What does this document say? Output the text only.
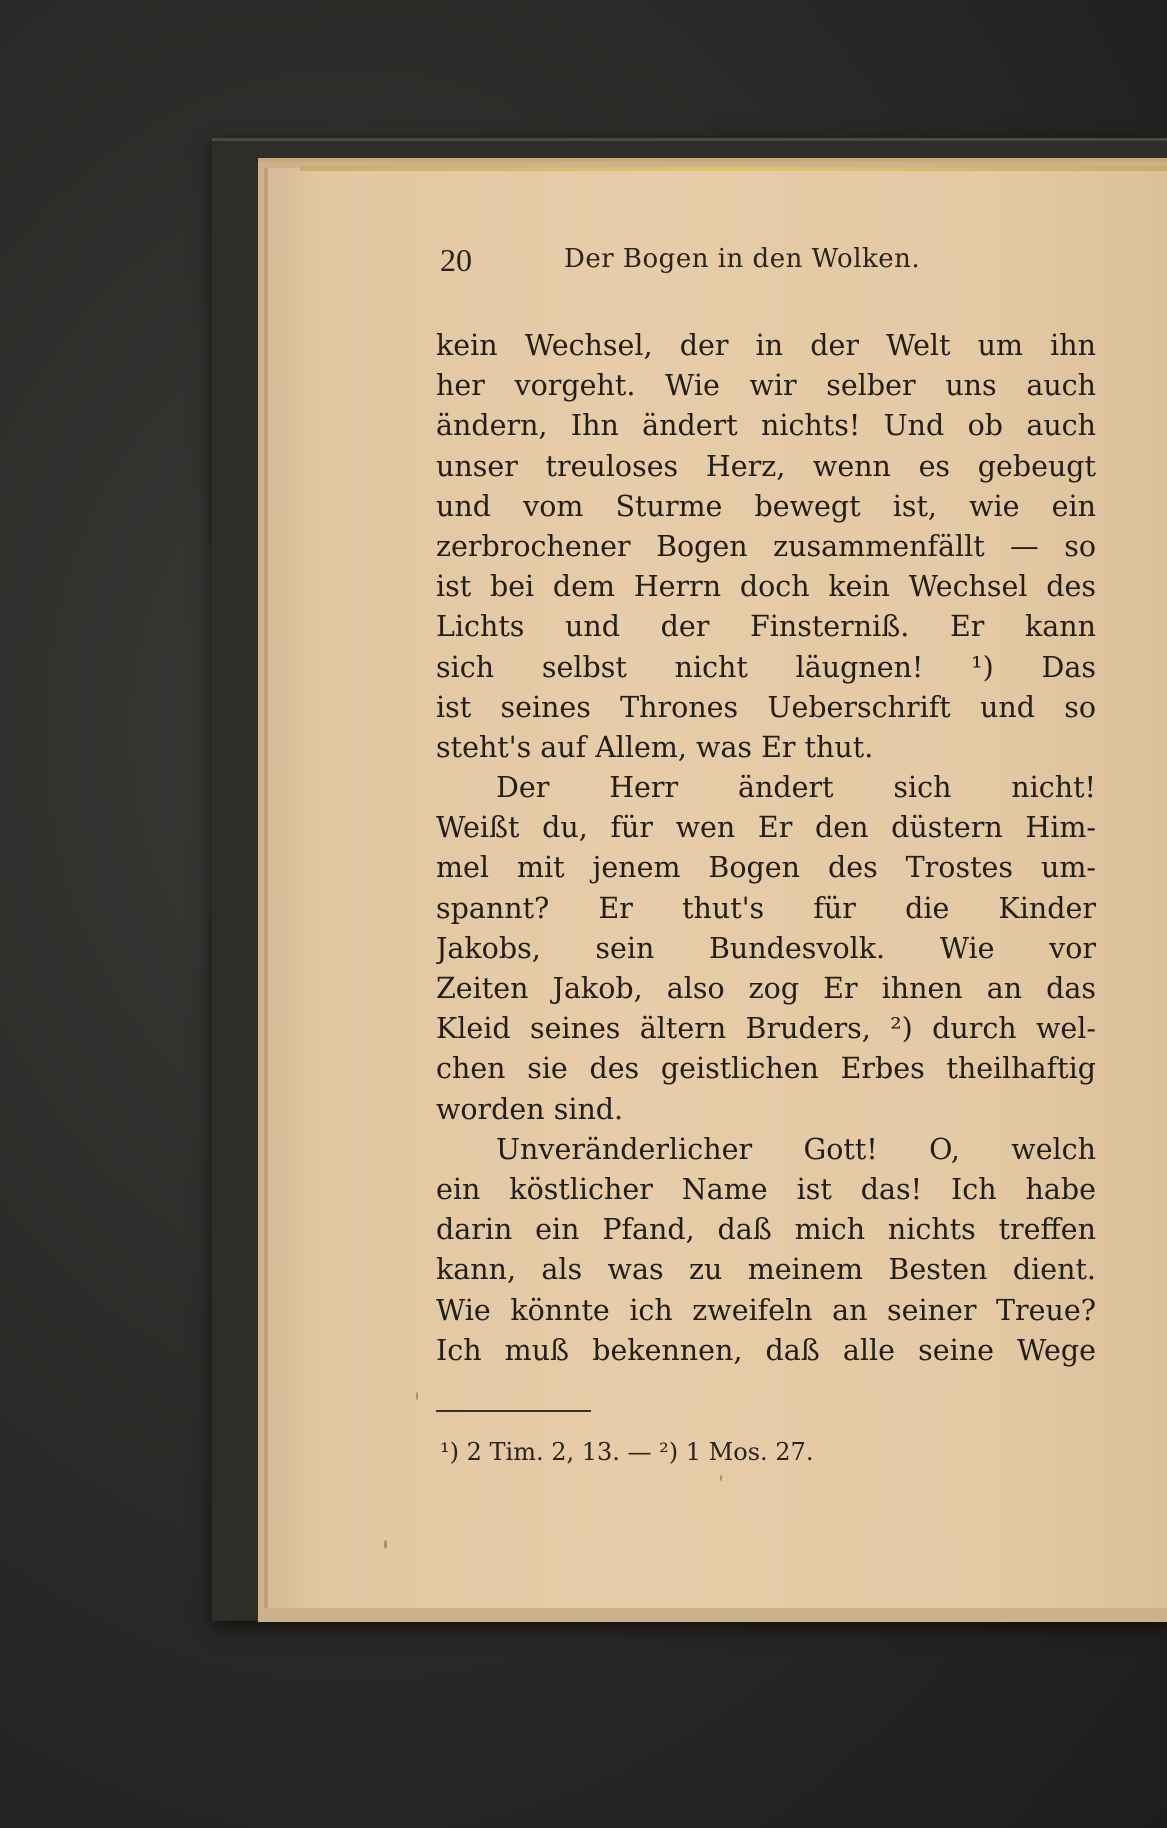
20	Der Bogen in den Wolken.
kein Wechsel, der in der Welt um ihn
her vorgeht. Wie wir selber uns auch
ändern, Ihn ändert nichts! Und ob auch
unser treuloses Herz, wenn es gebeugt
und vom Sturme bewegt ist, wie ein
zerbrochener Bogen zusammenfällt — so
ist bei dem Herrn doch kein Wechsel des
Lichts und der Finsterniß. Er kann
sich selbst nicht läugnen! ¹) Das
ist seines Thrones Ueberschrift und so
steht's auf Allem, was Er thut.
Der Herr ändert sich nicht!
Weißt du, für wen Er den düstern Him-
mel mit jenem Bogen des Trostes um-
spannt? Er thut's für die Kinder
Jakobs, sein Bundesvolk. Wie vor
Zeiten Jakob, also zog Er ihnen an das
Kleid seines ältern Bruders, ²) durch wel-
chen sie des geistlichen Erbes theilhaftig
worden sind.
Unveränderlicher Gott! O, welch
ein köstlicher Name ist das! Ich habe
darin ein Pfand, daß mich nichts treffen
kann, als was zu meinem Besten dient.
Wie könnte ich zweifeln an seiner Treue?
Ich muß bekennen, daß alle seine Wege
¹) 2 Tim. 2, 13. — ²) 1 Mos. 27.
